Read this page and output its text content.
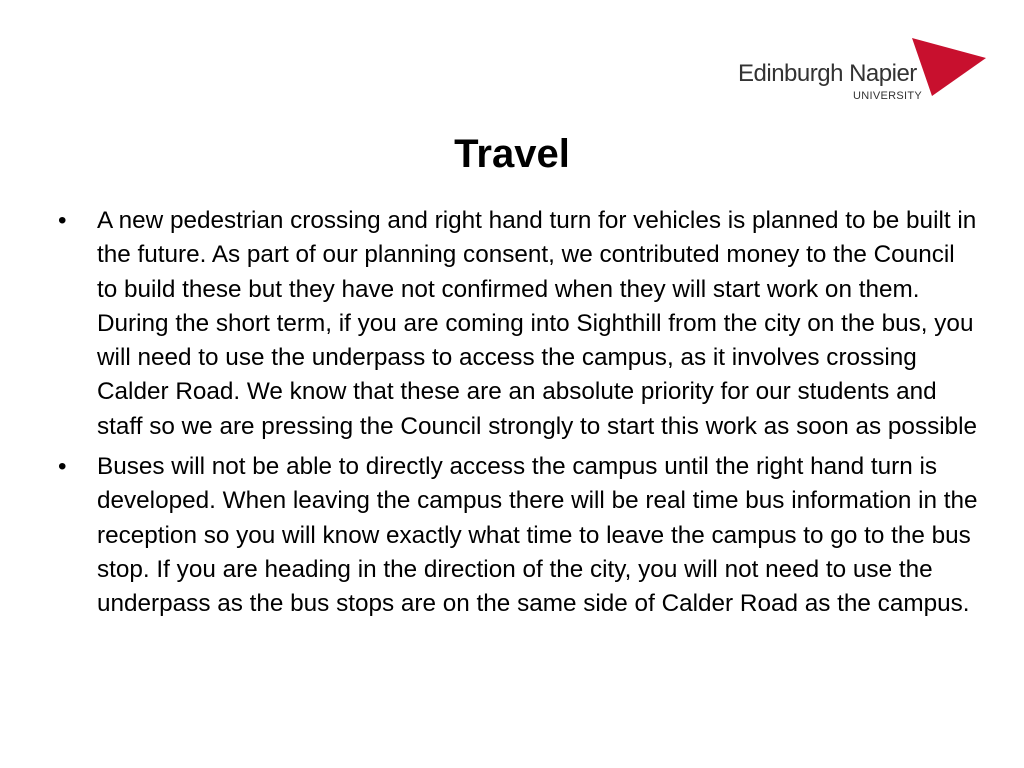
Edinburgh Napier
UNIVERSITY
Travel
• A new pedestrian crossing and right hand turn for vehicles is planned to be built in the future. As part of our planning consent, we contributed money to the Council to build these but they have not confirmed when they will start work on them. During the short term, if you are coming into Sighthill from the city on the bus, you will need to use the underpass to access the campus, as it involves crossing Calder Road. We know that these are an absolute priority for our students and staff so we are pressing the Council strongly to start this work as soon as possible
• Buses will not be able to directly access the campus until the right hand turn is developed. When leaving the campus there will be real time bus information in the reception so you will know exactly what time to leave the campus to go to the bus stop. If you are heading in the direction of the city, you will not need to use the underpass as the bus stops are on the same side of Calder Road as the campus.
